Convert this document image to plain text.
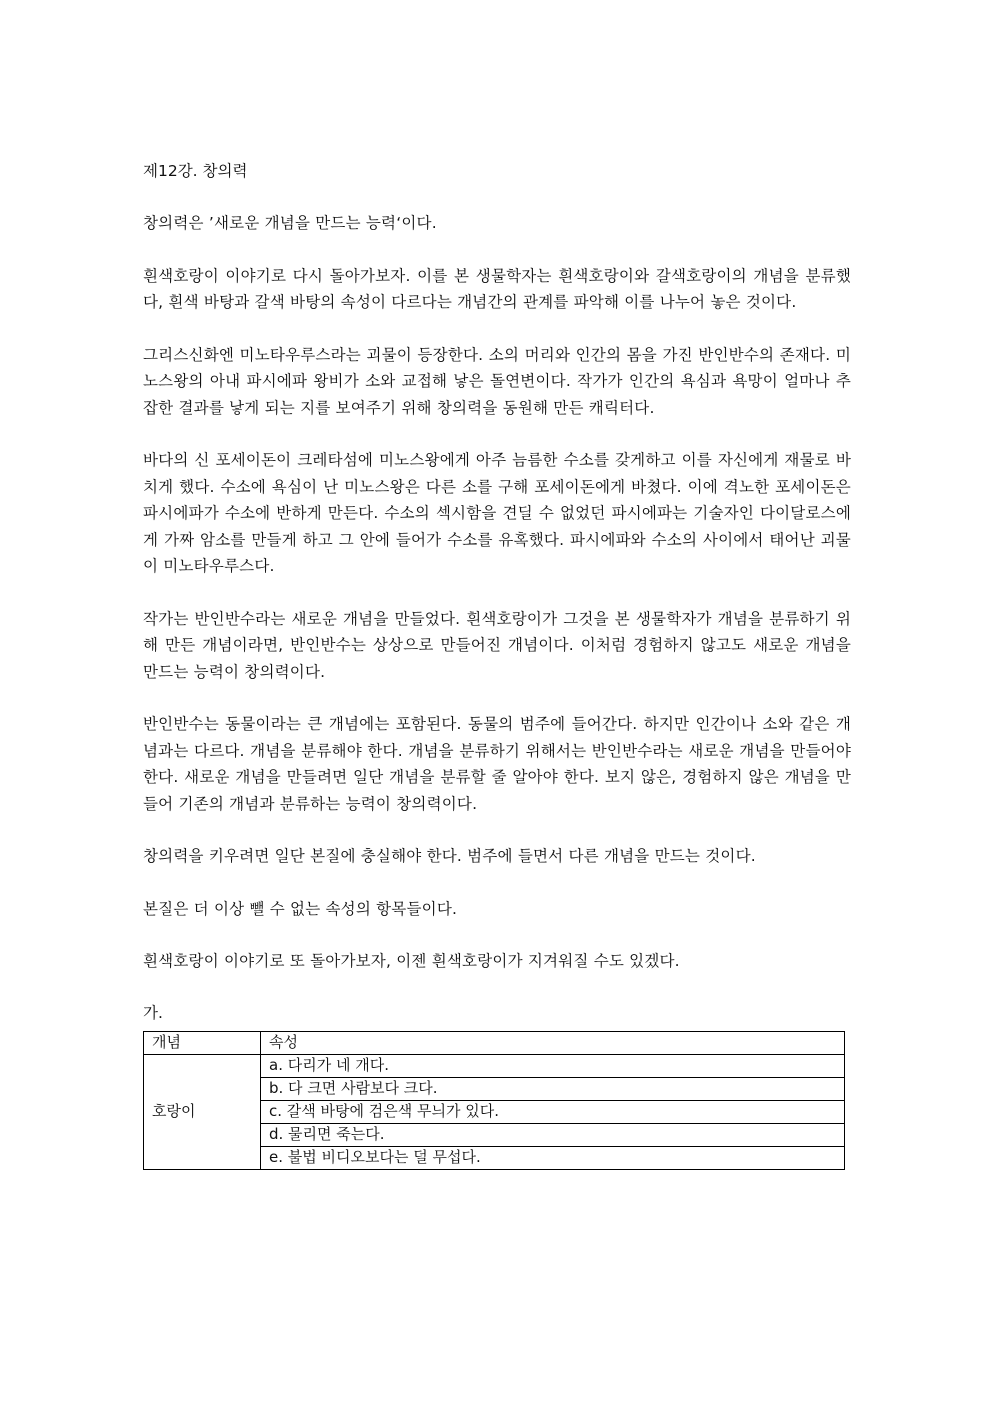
제12강. 창의력

창의력은 ’새로운 개념을 만드는 능력‘이다.

흰색호랑이 이야기로 다시 돌아가보자. 이를 본 생물학자는 흰색호랑이와 갈색호랑이의 개념을 분류했다, 흰색 바탕과 갈색 바탕의 속성이 다르다는 개념간의 관계를 파악해 이를 나누어 놓은 것이다.

그리스신화엔 미노타우루스라는 괴물이 등장한다. 소의 머리와 인간의 몸을 가진 반인반수의 존재다. 미노스왕의 아내 파시에파 왕비가 소와 교접해 낳은 돌연변이다. 작가가 인간의 욕심과 욕망이 얼마나 추잡한 결과를 낳게 되는 지를 보여주기 위해 창의력을 동원해 만든 캐릭터다.

바다의 신 포세이돈이 크레타섬에 미노스왕에게 아주 늠름한 수소를 갖게하고 이를 자신에게 재물로 바치게 했다. 수소에 욕심이 난 미노스왕은 다른 소를 구해 포세이돈에게 바쳤다. 이에 격노한 포세이돈은 파시에파가 수소에 반하게 만든다. 수소의 섹시함을 견딜 수 없었던 파시에파는 기술자인 다이달로스에게 가짜 암소를 만들게 하고 그 안에 들어가 수소를 유혹했다. 파시에파와 수소의 사이에서 태어난 괴물이 미노타우루스다.

작가는 반인반수라는 새로운 개념을 만들었다. 흰색호랑이가 그것을 본 생물학자가 개념을 분류하기 위해 만든 개념이라면, 반인반수는 상상으로 만들어진 개념이다. 이처럼 경험하지 않고도 새로운 개념을 만드는 능력이 창의력이다.

반인반수는 동물이라는 큰 개념에는 포함된다. 동물의 범주에 들어간다. 하지만 인간이나 소와 같은 개념과는 다르다. 개념을 분류해야 한다. 개념을 분류하기 위해서는 반인반수라는 새로운 개념을 만들어야 한다. 새로운 개념을 만들려면 일단 개념을 분류할 줄 알아야 한다. 보지 않은, 경험하지 않은 개념을 만들어 기존의 개념과 분류하는 능력이 창의력이다.

창의력을 키우려면 일단 본질에 충실해야 한다. 범주에 들면서 다른 개념을 만드는 것이다.

본질은 더 이상 뺄 수 없는 속성의 항목들이다.

흰색호랑이 이야기로 또 돌아가보자, 이젠 흰색호랑이가 지겨워질 수도 있겠다.

가.

개념	속성
호랑이	a. 다리가 네 개다.
	b. 다 크면 사람보다 크다.
	c. 갈색 바탕에 검은색 무늬가 있다.
	d. 물리면 죽는다.
	e. 불법 비디오보다는 덜 무섭다.
